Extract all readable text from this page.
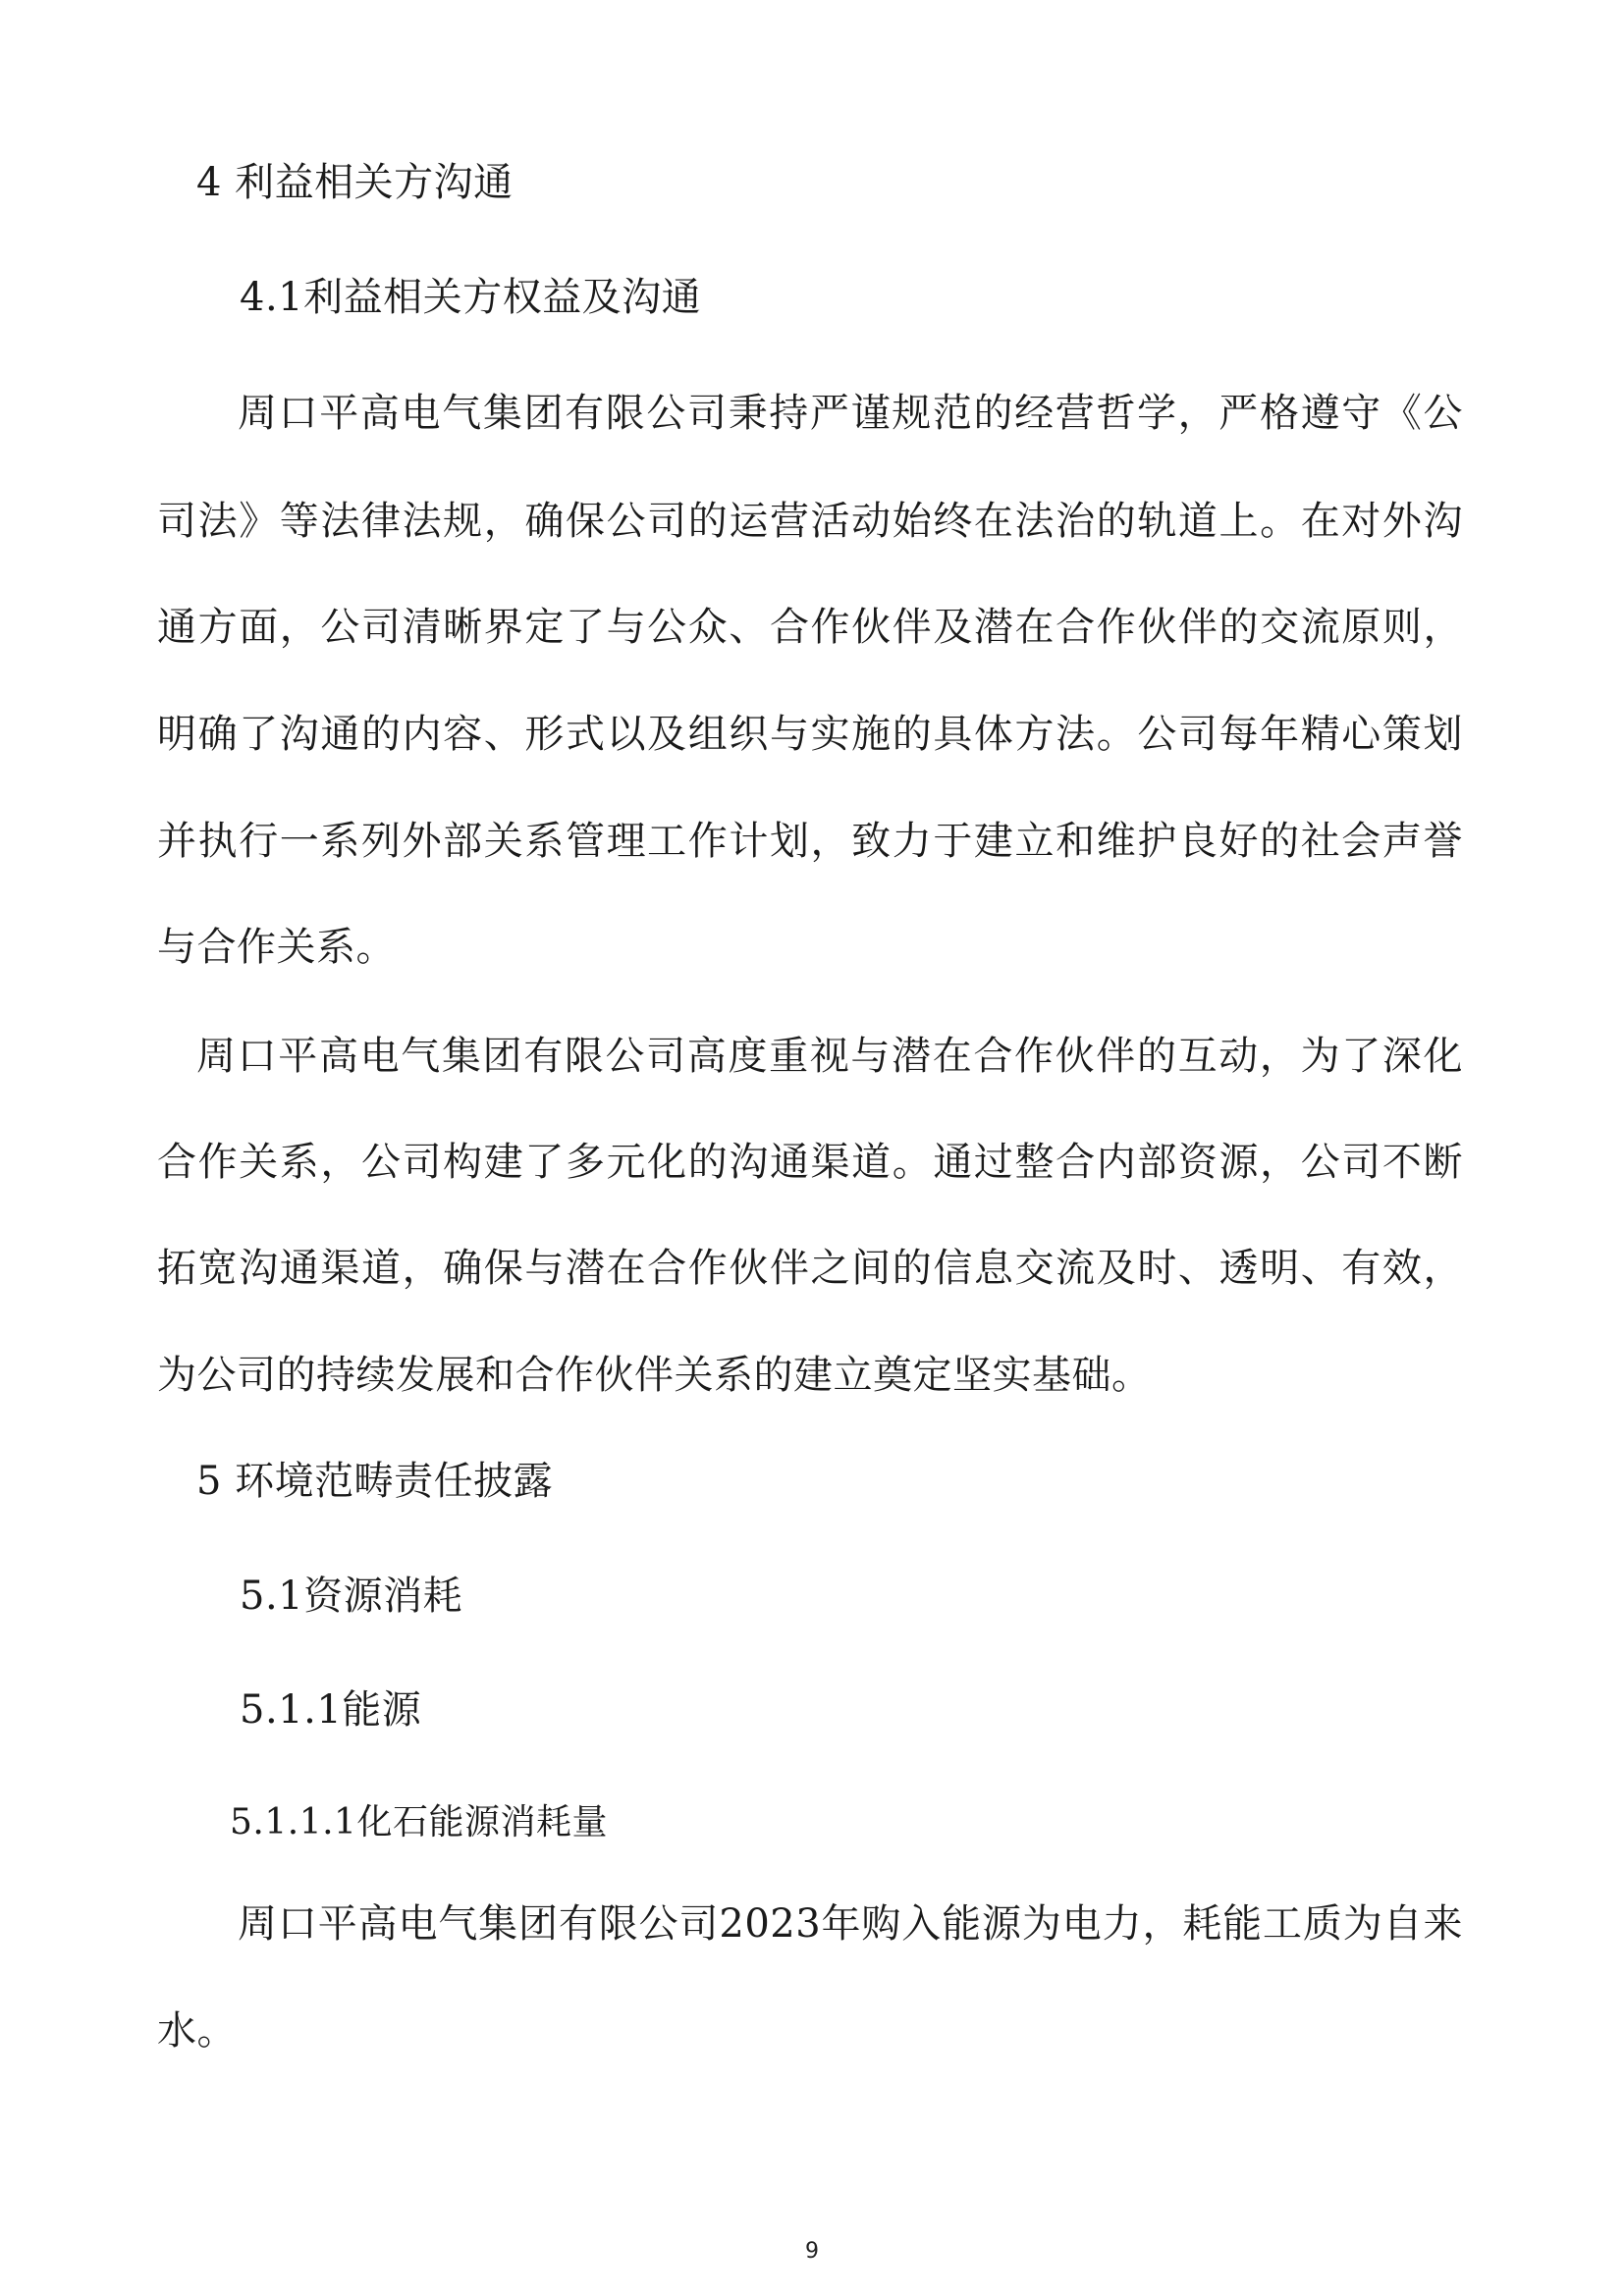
4 利益相关方沟通
4.1利益相关方权益及沟通
周口平高电气集团有限公司秉持严谨规范的经营哲学，严格遵守《公
司法》等法律法规，确保公司的运营活动始终在法治的轨道上。在对外沟
通方面，公司清晰界定了与公众、合作伙伴及潜在合作伙伴的交流原则，
明确了沟通的内容、形式以及组织与实施的具体方法。公司每年精心策划
并执行一系列外部关系管理工作计划，致力于建立和维护良好的社会声誉
与合作关系。
周口平高电气集团有限公司高度重视与潜在合作伙伴的互动，为了深化
合作关系，公司构建了多元化的沟通渠道。通过整合内部资源，公司不断
拓宽沟通渠道，确保与潜在合作伙伴之间的信息交流及时、透明、有效，
为公司的持续发展和合作伙伴关系的建立奠定坚实基础。
5 环境范畴责任披露
5.1资源消耗
5.1.1能源
5.1.1.1化石能源消耗量
周口平高电气集团有限公司2023年购入能源为电力，耗能工质为自来
水。
9
